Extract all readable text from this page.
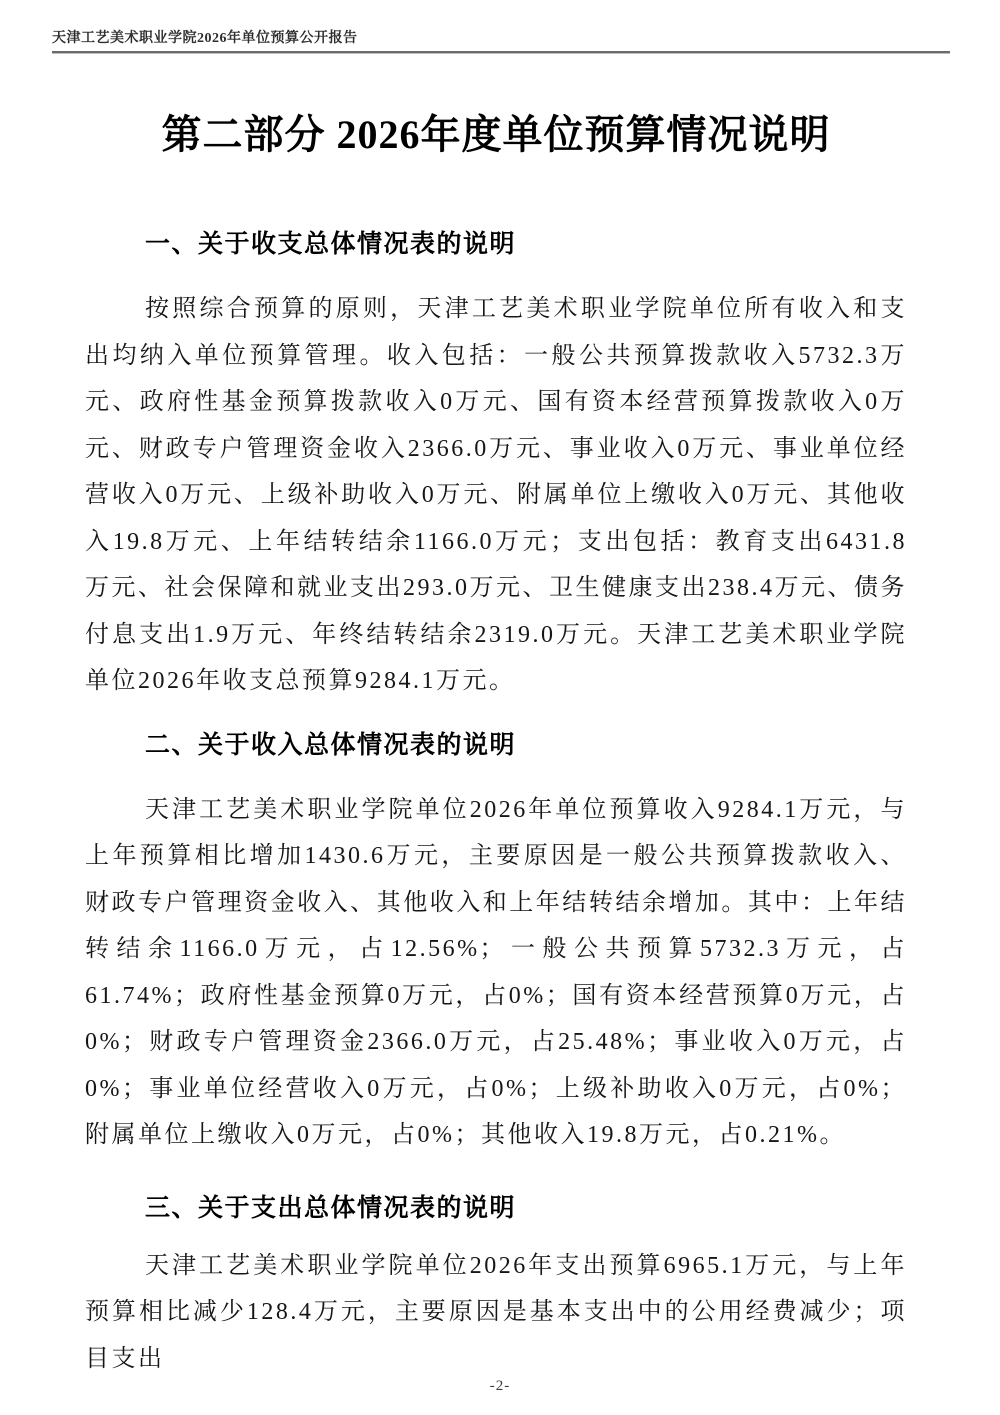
天津工艺美术职业学院2026年单位预算公开报告
第二部分 2026年度单位预算情况说明
一、关于收支总体情况表的说明

按照综合预算的原则，天津工艺美术职业学院单位所有收入和支出均纳入单位预算管理。收入包括：一般公共预算拨款收入5732.3万元、政府性基金预算拨款收入0万元、国有资本经营预算拨款收入0万元、财政专户管理资金收入2366.0万元、事业收入0万元、事业单位经营收入0万元、上级补助收入0万元、附属单位上缴收入0万元、其他收入19.8万元、上年结转结余1166.0万元；支出包括：教育支出6431.8万元、社会保障和就业支出293.0万元、卫生健康支出238.4万元、债务付息支出1.9万元、年终结转结余2319.0万元。天津工艺美术职业学院单位2026年收支总预算9284.1万元。

二、关于收入总体情况表的说明

天津工艺美术职业学院单位2026年单位预算收入9284.1万元，与上年预算相比增加1430.6万元，主要原因是一般公共预算拨款收入、财政专户管理资金收入、其他收入和上年结转结余增加。其中：上年结转结余1166.0万元，占12.56%；一般公共预算5732.3万元，占61.74%；政府性基金预算0万元，占0%；国有资本经营预算0万元，占0%；财政专户管理资金2366.0万元，占25.48%；事业收入0万元，占0%；事业单位经营收入0万元，占0%；上级补助收入0万元，占0%；附属单位上缴收入0万元，占0%；其他收入19.8万元，占0.21%。

三、关于支出总体情况表的说明

天津工艺美术职业学院单位2026年支出预算6965.1万元，与上年预算相比减少128.4万元，主要原因是基本支出中的公用经费减少；项目支出

-2-
